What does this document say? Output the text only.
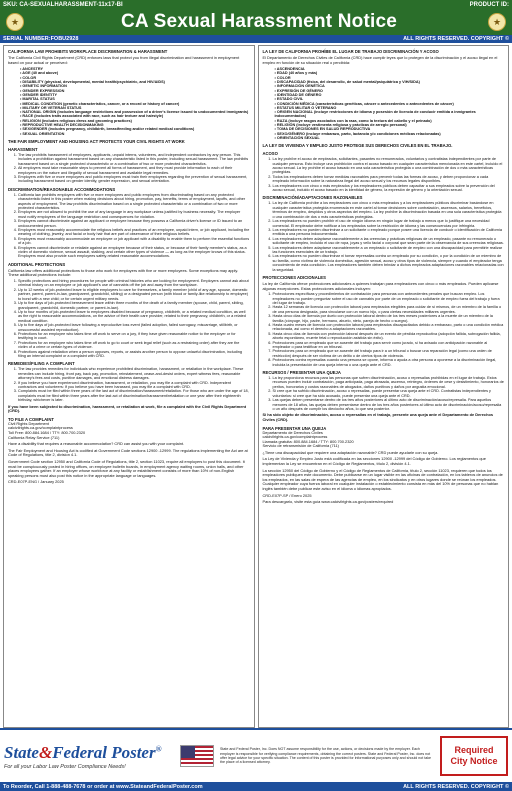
SKU: CA-SEXUALHARASSMENT-11x17-BI	PRODUCT ID:
★	CA Sexual Harassment Notice	★
SERIAL NUMBER:FOBU2928	ALL RIGHTS RESERVED. COPYRIGHT ©
CALIFORNIA LAW PROHIBITS WORKPLACE DISCRIMINATION & HARASSMENT

The California Civil Rights Department (CRD) enforces laws that protect you from illegal discrimination and harassment in employment based on your actual or perceived:

• ANCESTRY
• AGE (40 and above)
• COLOR
• DISABILITY (physical, developmental, mental health/psychiatric, and HIV/AIDS)
• GENETIC INFORMATION
• GENDER EXPRESSION
• GENDER IDENTITY
• MARITAL STATUS
• MEDICAL CONDITION (genetic characteristics, cancer, or a record or history of cancer)
• MILITARY OR VETERAN STATUS
• NATIONAL ORIGIN (includes language restrictions and possession of a driver's license issued to undocumented immigrants)
• RACE (includes traits associated with race, such as hair texture and hairstyle)
• RELIGION (includes religious dress and grooming practices)
• REPRODUCTIVE HEALTH DECISIONMAKING
• SEX/GENDER (includes pregnancy, childbirth, breastfeeding and/or related medical conditions)
• SEXUAL ORIENTATION
THE FAIR EMPLOYMENT AND HOUSING ACT PROTECTS YOUR CIVIL RIGHTS AT WORK
HARASSMENT
1. The law prohibits harassment of employees, applicants, unpaid interns, volunteers, and independent contractors by any person. This includes a prohibition against harassment based on any characteristic listed in this poster, including sexual harassment. The law prohibits harassment based on a single protected characteristic or a combination of two or more protected characteristics.
2. All employers must take reasonable steps to prevent all forms of harassment, and they must provide information to each of their employees on the nature and illegality of sexual harassment and available legal remedies.
3. Employers with five or more employees and public employers must train their employees regarding the prevention of sexual harassment, including harassment based on gender identity, gender expression, and sexual orientation.
DISCRIMINATION/REASONABLE ACCOMMODATIONS
1. California law prohibits employers with five or more employees and public employers from discriminating based on any protected characteristic listed in this poster when making decisions about hiring, promotion, pay, benefits, terms of employment, layoffs, and other aspects of employment. The law prohibits discrimination based on a single protected characteristic or a combination of two or more protected characteristics.
2. Employers are not allowed to prohibit the use of any language in any workplace unless justified by business necessity. The employer must notify employees of the language restriction and consequences for violation.
3. Employers cannot discriminate against an applicant or employee because they possess a California driver's license or ID issued to an undocumented person.
4. Employers must reasonably accommodate the religious beliefs and practices of an employee, unpaid intern, or job applicant, including the wearing of clothing, jewelry, and facial or body hair that are part of observance of their religious beliefs.
5. Employers must reasonably accommodate an employee or job applicant with a disability to enable them to perform the essential functions of a job.
6. Employers cannot discriminate or retaliate against an employee because of their status, or because of their family member's status, as a victim of domestic violence, sexual assault, stalking, and certain other types of violence — as long as the employer knows of this status. Employers must also provide such employees safety-related reasonable accommodations.
ADDITIONAL PROTECTIONS

California law offers additional protections to those who work for employers with five or more employees. Some exceptions may apply. These additional protections include:

1. Specific protections and hiring procedures for people with criminal histories who are looking for employment. Employers cannot ask about criminal history on an employee or job applicant's use of cannabis off the job and away from the workplace.
2. Up to 12 weeks of job-protected leave to eligible employees to care for themselves, a family member (child of any age, spouse, domestic partner, parent, parent-in-law, grandparent, grandchild, sibling) or a designated person (with blood or family-like relationship to employee) to bond with a new child; or for certain urgent military needs.
3. Up to five days of job-protected bereavement leave within three months of the death of a family member (spouse, child, parent, sibling, grandparent, grandchild, domestic partner, or parent-in-law).
4. Up to four months of job-protected leave to employees disabled because of pregnancy, childbirth, or a related medical condition, as well as the right to reasonable accommodations, on the advice of their health care provider, related to their pregnancy, childbirth, or a related medical condition.
5. Up to five days of job-protected leave following a reproductive loss event (failed adoption, failed surrogacy, miscarriage, stillbirth, or unsuccessful assisted reproduction).
6. Protections for an employee who takes time off work to serve on a jury, if they have given reasonable notice to the employer or for testifying in court.
7. Protections for an employee who takes time off work to go to court or seek legal relief (such as a restraining order) after they are the victim of a crime or certain types of violence.
8. Protections against retaliation when a person opposes, reports, or assists another person to oppose unlawful discrimination, including filing an internal complaint or a complaint with CRD.
REMEDIES/FILING A COMPLAINT
1. The law provides remedies for individuals who experience prohibited discrimination, harassment, or retaliation in the workplace. These remedies can include hiring, front pay, back pay, promotion, reinstatement, cease-and-desist orders, expert witness fees, reasonable attorney's fees and costs, punitive damages, and emotional distress damages.
2. If you believe you have experienced discrimination, harassment, or retaliation, you may file a complaint with CRD. Independent contractors and volunteers: If you believe you have been harassed, you may file a complaint with CRD.
3. Complaints must be filed within three years of the last act of discrimination/harassment/retaliation. For those who are under the age of 18, complaints must be filed within three years after the last act of discrimination/harassment/retaliation or one year after their eighteenth birthday, whichever is later.

If you have been subjected to discrimination, harassment, or retaliation at work, file a complaint with the Civil Rights Department (CRD).

TO FILE A COMPLAINT
Civil Rights Department
calcivilrights.ca.gov/complaintprocess
Toll Free: 800.884.1684 / TTY: 800.700.2320
California Relay Service (711)

Have a disability that requires a reasonable accommodation? CRD can assist you with your complaint.

The Fair Employment and Housing Act is codified at Government Code sections 12900 -12999. The regulations implementing the Act are at Code of Regulations, title 2, division 4.1.

Government Code section 12950 and California Code of Regulations, title 2, section 11023, require all employers to post this document. It must be conspicuously posted in hiring offices, on employee bulletin boards, in employment agency waiting rooms, union halls, and other places employees gather. If an employer whose workforce at any facility or establishment consists of more than 10% of non-English speaking persons must also post this notice in the appropriate language or languages.

CRD-E07P-ENG / January 2025

LA LEY DE CALIFORNIA PROHÍBE EL LUGAR DE TRABAJO DISCRIMINACIÓN Y ACOSO

El Departamento de Derechos Civiles de California (CRD) hace cumplir leyes que lo protegen de la discriminación y el acoso ilegal en el empleo en función de su situación real o percibida:

• ASCENDENCIA
• EDAD (40 años y más)
• COLOR
• DISCAPACIDAD (física, del desarrollo, de salud mental/psiquiátrica y VIH/SIDA)
• INFORMACIÓN GENÉTICA
• EXPRESIÓN DE GÉNERO
• IDENTIDAD DE GÉNERO
• ESTADO CIVIL
• CONDICIÓN MÉDICA (características genéticas, cáncer o antecedentes o antecedentes de cáncer)
• ESTATUS MILITAR O VETERANO
• ORIGEN NACIONAL (incluye restricciones de idioma y posesión de licencia de conducir emitida a inmigrantes indocumentados)
• RAZA (incluye rasgos asociados con la raza, como la textura del cabello y el peinado)
• RELIGIÓN (incluye vestimenta religiosa y prácticas de arreglo personal)
• TOMA DE DECISIONES EN SALUD REPRODUCTIVA
• SEXO/GÉNERO (incluye embarazo, parto, lactancia y/o condiciones médicas relacionadas)
• ORIENTACIÓN SEXUAL
LA LEY DE VIVIENDA Y EMPLEO JUSTO PROTEGE SUS DERECHOS CIVILES EN EL TRABAJO.
ACOSO
1. La ley prohíbe el acoso de empleados, solicitantes, pasantes no remunerados, voluntarios y contratistas independientes por parte de cualquier persona. Esto incluye una prohibición contra el acoso basado en cualquier característica mencionada en este cartel, incluido el acoso sexual. La ley prohíbe el acoso basado en una sola característica protegida o una combinación de dos o más características protegidas.
2. Todos los empleadores deben tomar medidas razonables para prevenir todas las formas de acoso, y deben proporcionar a cada empleado información sobre la naturaleza ilegal del acoso sexual y los recursos legales disponibles.
3. Los empleadores con cinco o más empleados y los empleadores públicos deben capacitar a sus empleados sobre la prevención del acoso sexual, incluido el acoso basado en la identidad de género, la expresión de género y la orientación sexual.
DISCRIMINACIÓN/ADAPTACIONES RAZONABLES
1. La ley de California prohíbe a los empleadores con cinco o más empleados y a los empleadores públicos discriminar basándose en cualquier característica protegida enumerada en este cartel al tomar decisiones sobre contratación, ascensos, salarios, beneficios, términos de empleo, despidos y otros aspectos del empleo. La ley prohíbe la discriminación basada en una sola característica protegida o una combinación de dos o más características protegidas.
2. Los empleadores no pueden prohibir el uso de ningún idioma en ningún lugar de trabajo a menos que lo justifique una necesidad comercial. El empleador debe notificar a los empleados sobre la restricción de idioma y las consecuencias por infringirla.
3. Los empleadores no pueden discriminar a un solicitante o empleado porque posee una licencia de conducir o identificación de California emitida a una persona indocumentada.
4. Los empleadores deben adaptarse razonablemente a las creencias y prácticas religiosas de un empleado, pasante no remunerado o solicitante de empleo, incluido el uso de ropa, joyas y vello facial o corporal que sean parte de la observancia de sus creencias religiosas.
5. Los empleadores deben adaptarse razonablemente a un empleado o solicitante de empleo con una discapacidad para permitirle realizar las funciones esenciales de un trabajo.
6. Los empleadores no pueden discriminar ni tomar represalias contra un empleado por su condición, o por la condición de un miembro de su familia, como víctima de violencia doméstica, agresión sexual, acoso y otros tipos de violencia, siempre y cuando el empleador tenga conocimiento de esta condición. Los empleadores también deben brindar a dichos empleados adaptaciones razonables relacionadas con la seguridad.
PROTECCIONES ADICIONALES

La ley de California ofrece protecciones adicionales a quienes trabajan para empleadores con cinco o más empleados. Pueden aplicarse algunas excepciones. Estas protecciones adicionales incluyen:

1. Protecciones específicas y procedimientos de contratación para personas con antecedentes penales que buscan empleo. Los empleadores no pueden preguntar sobre el uso de cannabis por parte de un empleado o solicitante de empleo fuera del trabajo y fuera del lugar de trabajo.
2. Hasta 12 semanas de licencia con protección laboral para empleados elegibles para cuidar de sí mismos, de un miembro de la familia o de una persona designada, para vincularse con un nuevo hijo, o para ciertas necesidades militares urgentes.
3. Hasta cinco días de licencia por duelo con protección laboral dentro de los tres meses posteriores a la muerte de un miembro de la familia (cónyuge, hijo, padre, hermano, abuelo, nieto, pareja de hecho o suegro).
4. Hasta cuatro meses de licencia con protección laboral para empleados discapacitados debido a embarazo, parto o una condición médica relacionada, así como el derecho a adaptaciones razonables.
5. Hasta cinco días de licencia con protección laboral después de un evento de pérdida reproductiva (adopción fallida, subrogación fallida, aborto espontáneo, muerte fetal o reproducción asistida sin éxito).
6. Protecciones para un empleado que se ausente del trabajo para servir como jurado, si ha avisado con anticipación razonable al empleador o para testificar en un tribunal.
7. Protecciones para un empleado que se ausente del trabajo para ir a un tribunal o buscar una reparación legal (como una orden de restricción) después de ser víctima de un delito o de ciertos tipos de violencia.
8. Protecciones contra represalias cuando una persona se opone, informa o ayuda a otra persona a oponerse a la discriminación ilegal, incluida la presentación de una queja interna o una queja ante el CRD.
RECURSOS / PRESENTAR UNA QUEJA
1. La ley proporciona recursos para las personas que sufren discriminación, acoso o represalias prohibidas en el lugar de trabajo. Estos recursos pueden incluir contratación, paga anticipada, paga atrasada, ascenso, reintegro, órdenes de cese y desistimiento, honorarios de peritos, honorarios y costos razonables de abogados, daños punitivos y daños por angustia emocional.
2. Si cree que ha sufrido discriminación, acoso o represalias, puede presentar una queja ante el CRD. Contratistas independientes y voluntarios: si cree que ha sido acosado, puede presentar una queja ante el CRD.
3. Las quejas deben presentarse dentro de los tres años posteriores al último acto de discriminación/acoso/represalia. Para aquellos menores de 18 años, las quejas deben presentarse dentro de los tres años posteriores al último acto de discriminación/acoso/represalia o un año después de cumplir los dieciocho años, lo que sea posterior.

Si ha sido objeto de discriminación, acoso o represalias en el trabajo, presente una queja ante el Departamento de Derechos Civiles (CRD).

PARA PRESENTAR UNA QUEJA
Departamento de Derechos Civiles
calcivilrights.ca.gov/complaintprocess
Llamada gratuita: 800.884.1684 / TTY: 800.700.2320
Servicio de retransmisión de California (711)

¿Tiene una discapacidad que requiere una adaptación razonable? CRD puede ayudarle con su queja.

La Ley de Vivienda y Empleo Justo está codificada en las secciones 12900 -12999 del Código de Gobierno. Los reglamentos que implementan la Ley se encuentran en el Código de Reglamentos, título 2, división 4.1.

La sección 12950 del Código de Gobierno y el Código de Reglamentos de California, título 2, sección 11023, requieren que todos los empleadores publiquen este documento. Debe publicarse en un lugar visible en las oficinas de contratación, en los tableros de anuncios de los empleados, en las salas de espera de las agencias de empleo, en los sindicatos y en otros lugares donde se reúnan los empleados. Cualquier empleador cuya fuerza laboral en cualquier instalación o establecimiento consista en más del 10% de personas que no hablan inglés también debe publicar este aviso en el idioma o idiomas apropiados.

CRD-E07P-SP / Enero 2025

Para descargarlo, visite esta guía www.calcivilrights.ca.gov/posters/required

State&Federal Poster®
For all your Labor Law Poster Compliance Needs!
State and Federal Poster, Inc. Does NOT assume responsibility for the use, actions, or decisions made by the employer. Each employer is responsible for verifying compliance requirements, obtaining the correct posters. State and Federal Poster, Inc. does not offer legal advice for your specific situation. The content of this poster is provided for informational purposes only and should not take the place of a licensed attorney.
Required
City Notice
To Reorder, Call 1-888-488-7678 or order at www.StateandFederalPoster.com	ALL RIGHTS RESERVED. COPYRIGHT ©
